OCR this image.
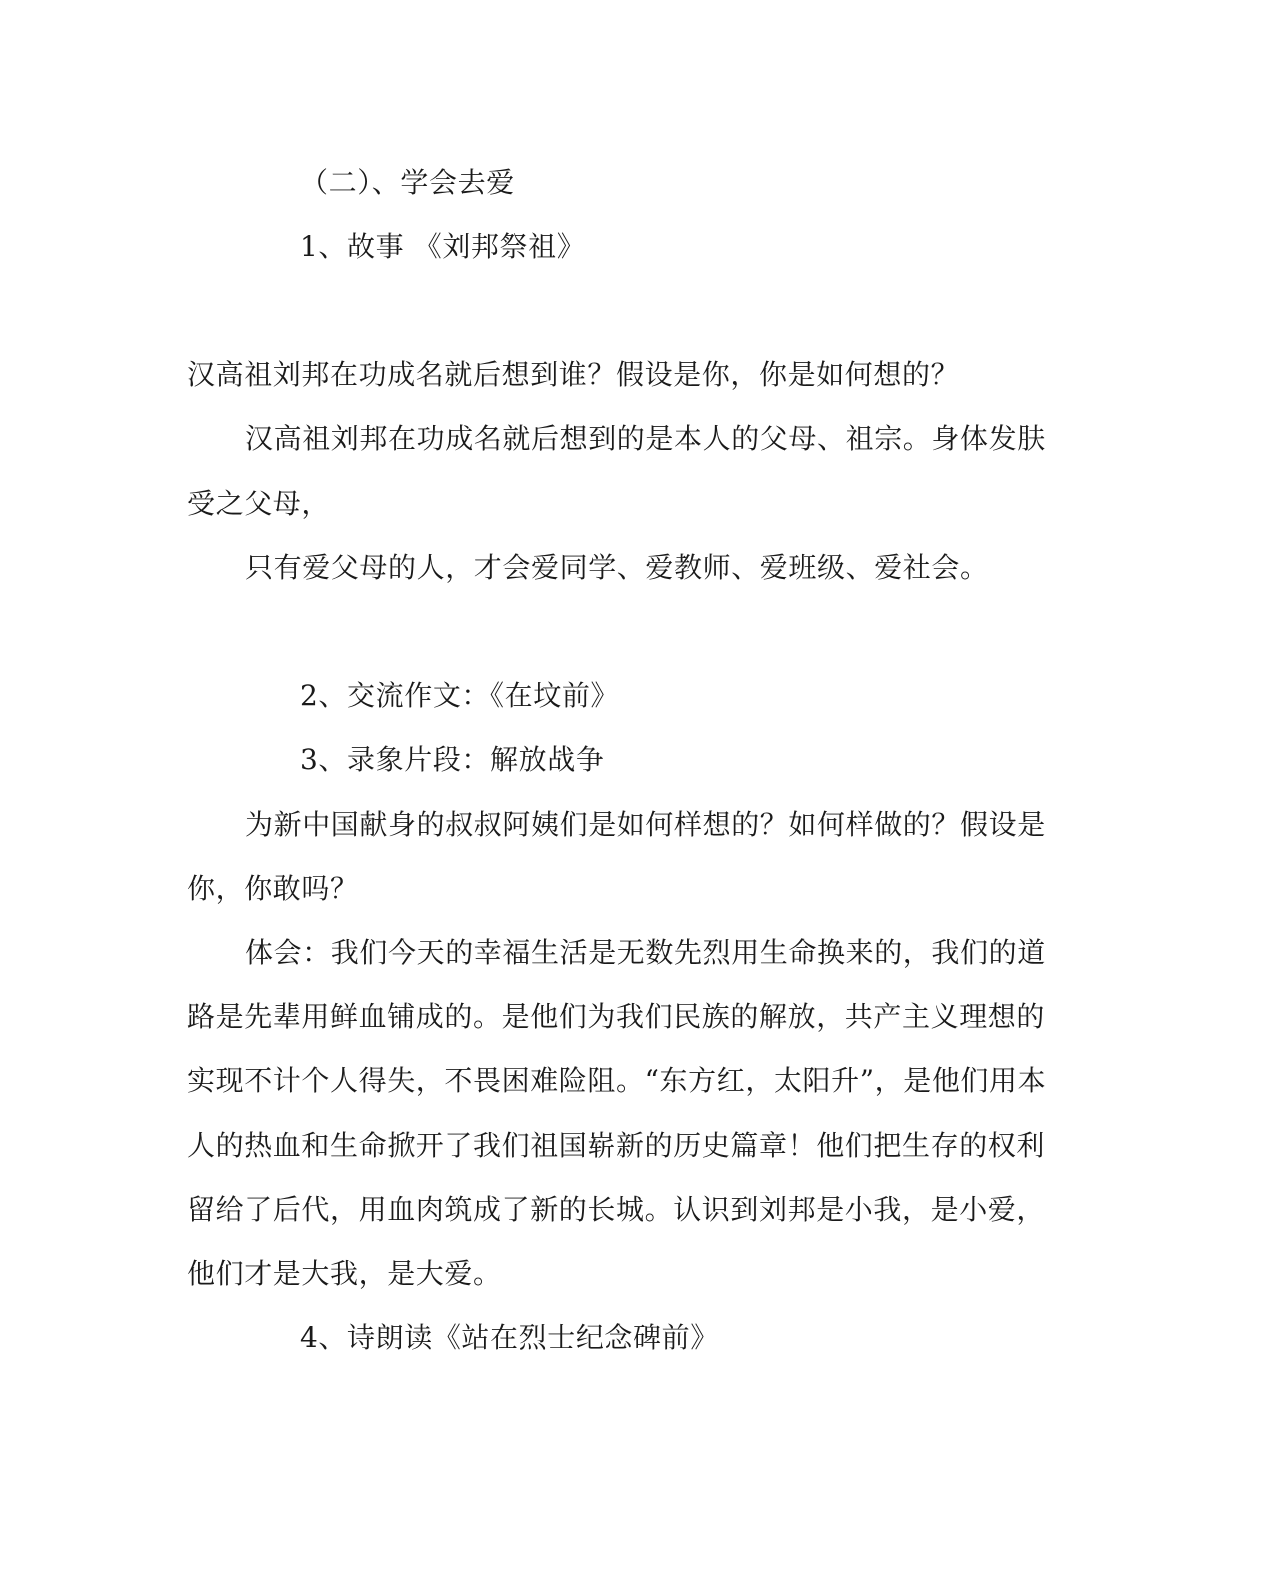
（二）、学会去爱
1、故事 《刘邦祭祖》
汉高祖刘邦在功成名就后想到谁？假设是你，你是如何想的？
汉高祖刘邦在功成名就后想到的是本人的父母、祖宗。身体发肤
受之父母，
只有爱父母的人，才会爱同学、爱教师、爱班级、爱社会。
2、交流作文：《在坟前》
3、录象片段：解放战争
为新中国献身的叔叔阿姨们是如何样想的？如何样做的？假设是
你，你敢吗？
体会：我们今天的幸福生活是无数先烈用生命换来的，我们的道
路是先辈用鲜血铺成的。是他们为我们民族的解放，共产主义理想的
实现不计个人得失，不畏困难险阻。“东方红，太阳升”，是他们用本
人的热血和生命掀开了我们祖国崭新的历史篇章！他们把生存的权利
留给了后代，用血肉筑成了新的长城。认识到刘邦是小我，是小爱，
他们才是大我，是大爱。
4、诗朗读《站在烈士纪念碑前》
